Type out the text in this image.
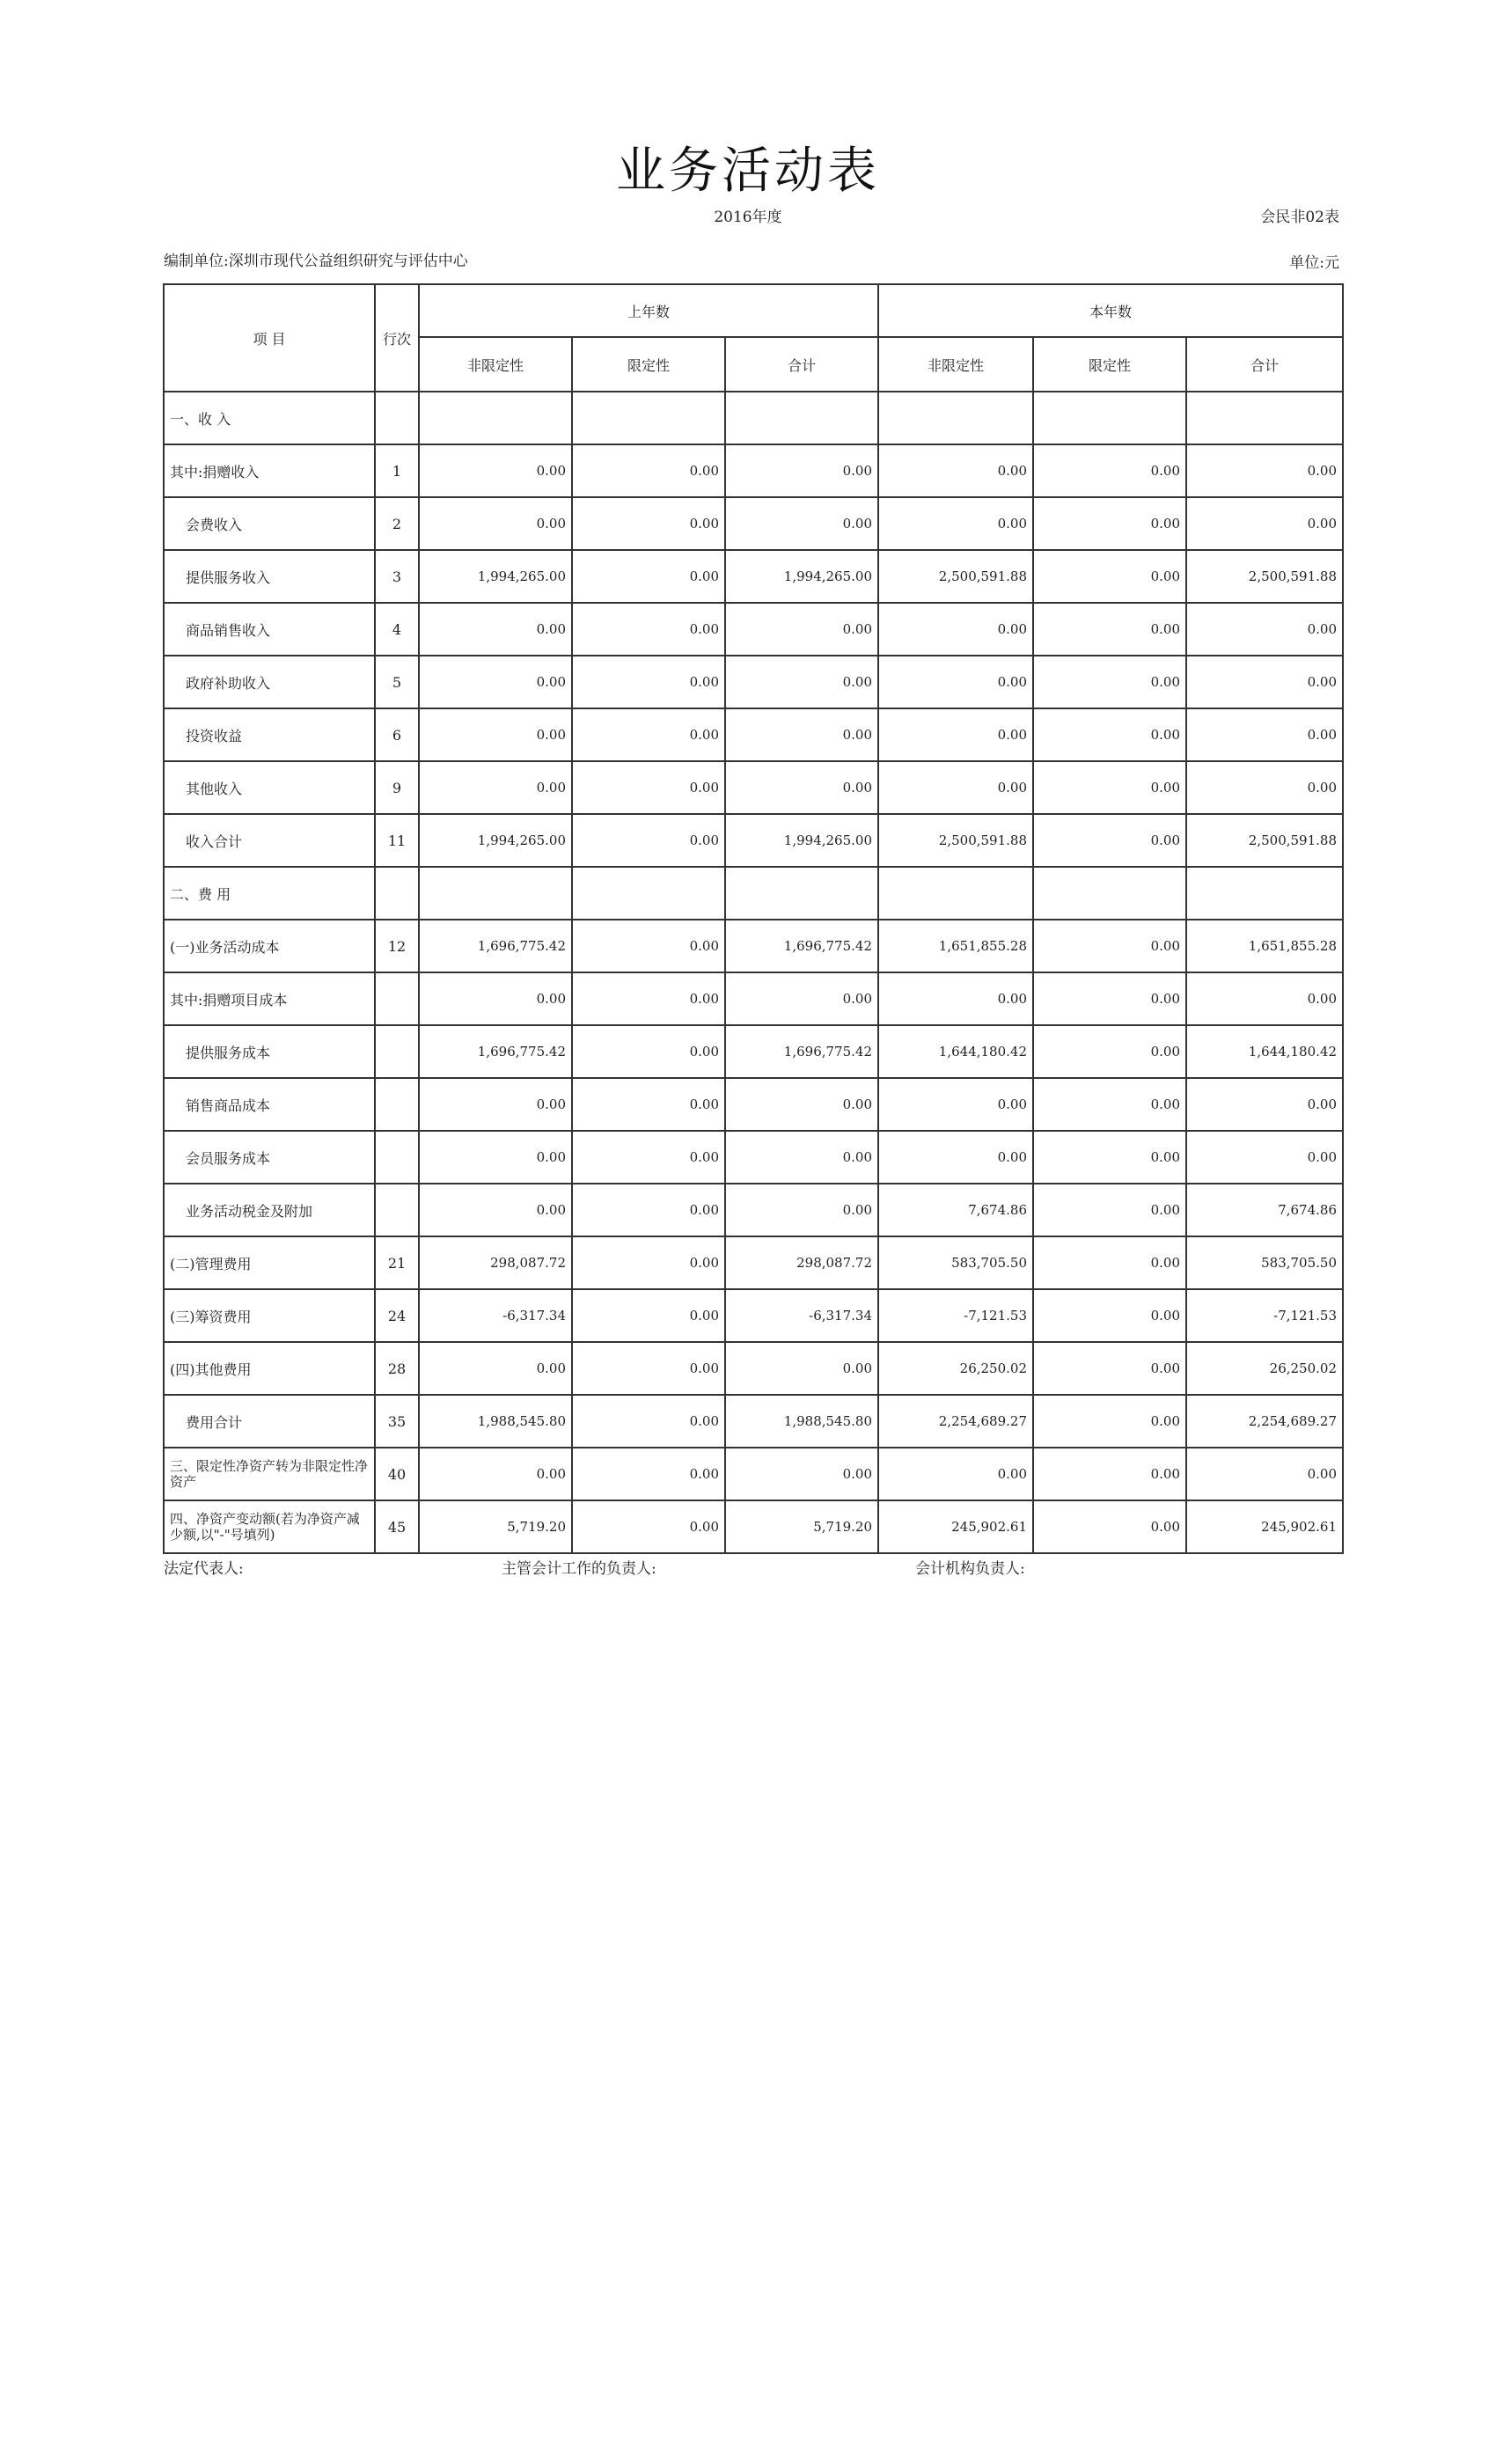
业务活动表
2016年度	会民非02表
编制单位:深圳市现代公益组织研究与评估中心	单位:元
项 目	行次	上年数			本年数		
		非限定性	限定性	合计	非限定性	限定性	合计
一、收 入							
其中:捐赠收入	1	0.00	0.00	0.00	0.00	0.00	0.00
会费收入	2	0.00	0.00	0.00	0.00	0.00	0.00
提供服务收入	3	1,994,265.00	0.00	1,994,265.00	2,500,591.88	0.00	2,500,591.88
商品销售收入	4	0.00	0.00	0.00	0.00	0.00	0.00
政府补助收入	5	0.00	0.00	0.00	0.00	0.00	0.00
投资收益	6	0.00	0.00	0.00	0.00	0.00	0.00
其他收入	9	0.00	0.00	0.00	0.00	0.00	0.00
收入合计	11	1,994,265.00	0.00	1,994,265.00	2,500,591.88	0.00	2,500,591.88
二、费 用							
(一)业务活动成本	12	1,696,775.42	0.00	1,696,775.42	1,651,855.28	0.00	1,651,855.28
其中:捐赠项目成本		0.00	0.00	0.00	0.00	0.00	0.00
提供服务成本		1,696,775.42	0.00	1,696,775.42	1,644,180.42	0.00	1,644,180.42
销售商品成本		0.00	0.00	0.00	0.00	0.00	0.00
会员服务成本		0.00	0.00	0.00	0.00	0.00	0.00
业务活动税金及附加		0.00	0.00	0.00	7,674.86	0.00	7,674.86
(二)管理费用	21	298,087.72	0.00	298,087.72	583,705.50	0.00	583,705.50
(三)筹资费用	24	-6,317.34	0.00	-6,317.34	-7,121.53	0.00	-7,121.53
(四)其他费用	28	0.00	0.00	0.00	26,250.02	0.00	26,250.02
费用合计	35	1,988,545.80	0.00	1,988,545.80	2,254,689.27	0.00	2,254,689.27
三、限定性净资产转为非限定性净资产	40	0.00	0.00	0.00	0.00	0.00	0.00
四、净资产变动额(若为净资产减少额,以"-"号填列)	45	5,719.20	0.00	5,719.20	245,902.61	0.00	245,902.61
法定代表人:	主管会计工作的负责人:	会计机构负责人:
